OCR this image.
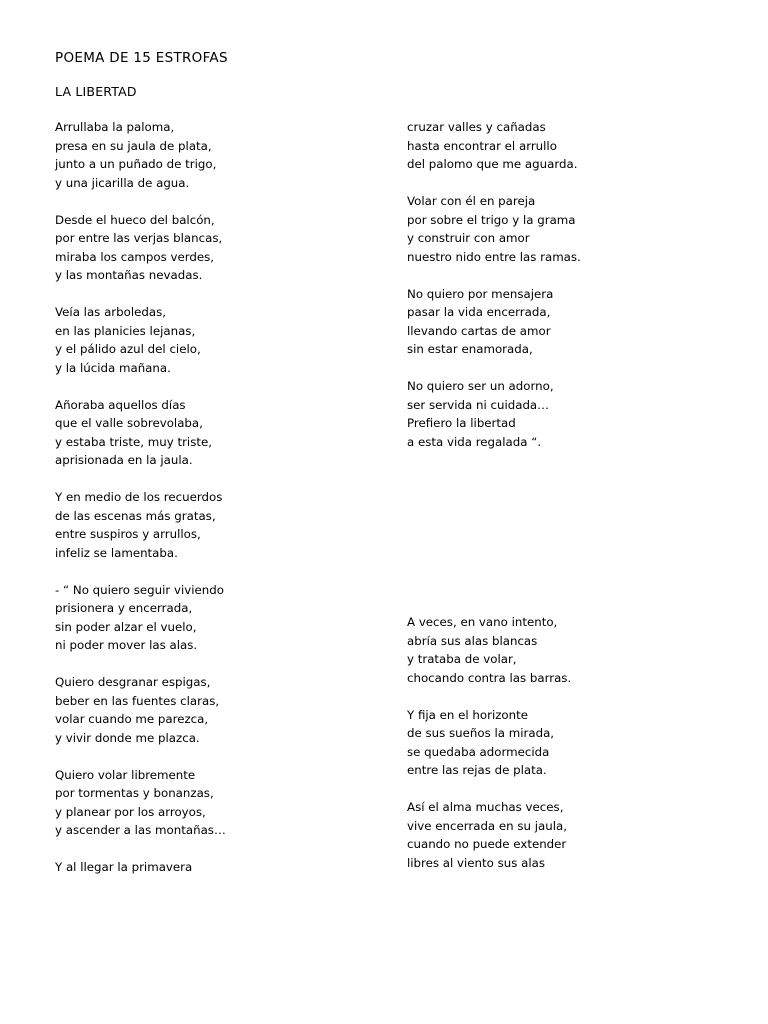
POEMA DE 15 ESTROFAS
LA LIBERTAD
Arrullaba la paloma,
presa en su jaula de plata,
junto a un puñado de trigo,
y una jicarilla de agua.
Desde el hueco del balcón,
por entre las verjas blancas,
miraba los campos verdes,
y las montañas nevadas.
Veía las arboledas,
en las planicies lejanas,
y el pálido azul del cielo,
y la lúcida mañana.
Añoraba aquellos días
que el valle sobrevolaba,
y estaba triste, muy triste,
aprisionada en la jaula.
Y en medio de los recuerdos
de las escenas más gratas,
entre suspiros y arrullos,
infeliz se lamentaba.
- “ No quiero seguir viviendo
prisionera y encerrada,
sin poder alzar el vuelo,
ni poder mover las alas.
Quiero desgranar espigas,
beber en las fuentes claras,
volar cuando me parezca,
y vivir donde me plazca.
Quiero volar libremente
por tormentas y bonanzas,
y planear por los arroyos,
y ascender a las montañas…
Y al llegar la primavera
cruzar valles y cañadas
hasta encontrar el arrullo
del palomo que me aguarda.
Volar con él en pareja
por sobre el trigo y la grama
y construir con amor
nuestro nido entre las ramas.
No quiero por mensajera
pasar la vida encerrada,
llevando cartas de amor
sin estar enamorada,
No quiero ser un adorno,
ser servida ni cuidada…
Prefiero la libertad
a esta vida regalada “.
A veces, en vano intento,
abría sus alas blancas
y trataba de volar,
chocando contra las barras.
Y fija en el horizonte
de sus sueños la mirada,
se quedaba adormecida
entre las rejas de plata.
Así el alma muchas veces,
vive encerrada en su jaula,
cuando no puede extender
libres al viento sus alas
